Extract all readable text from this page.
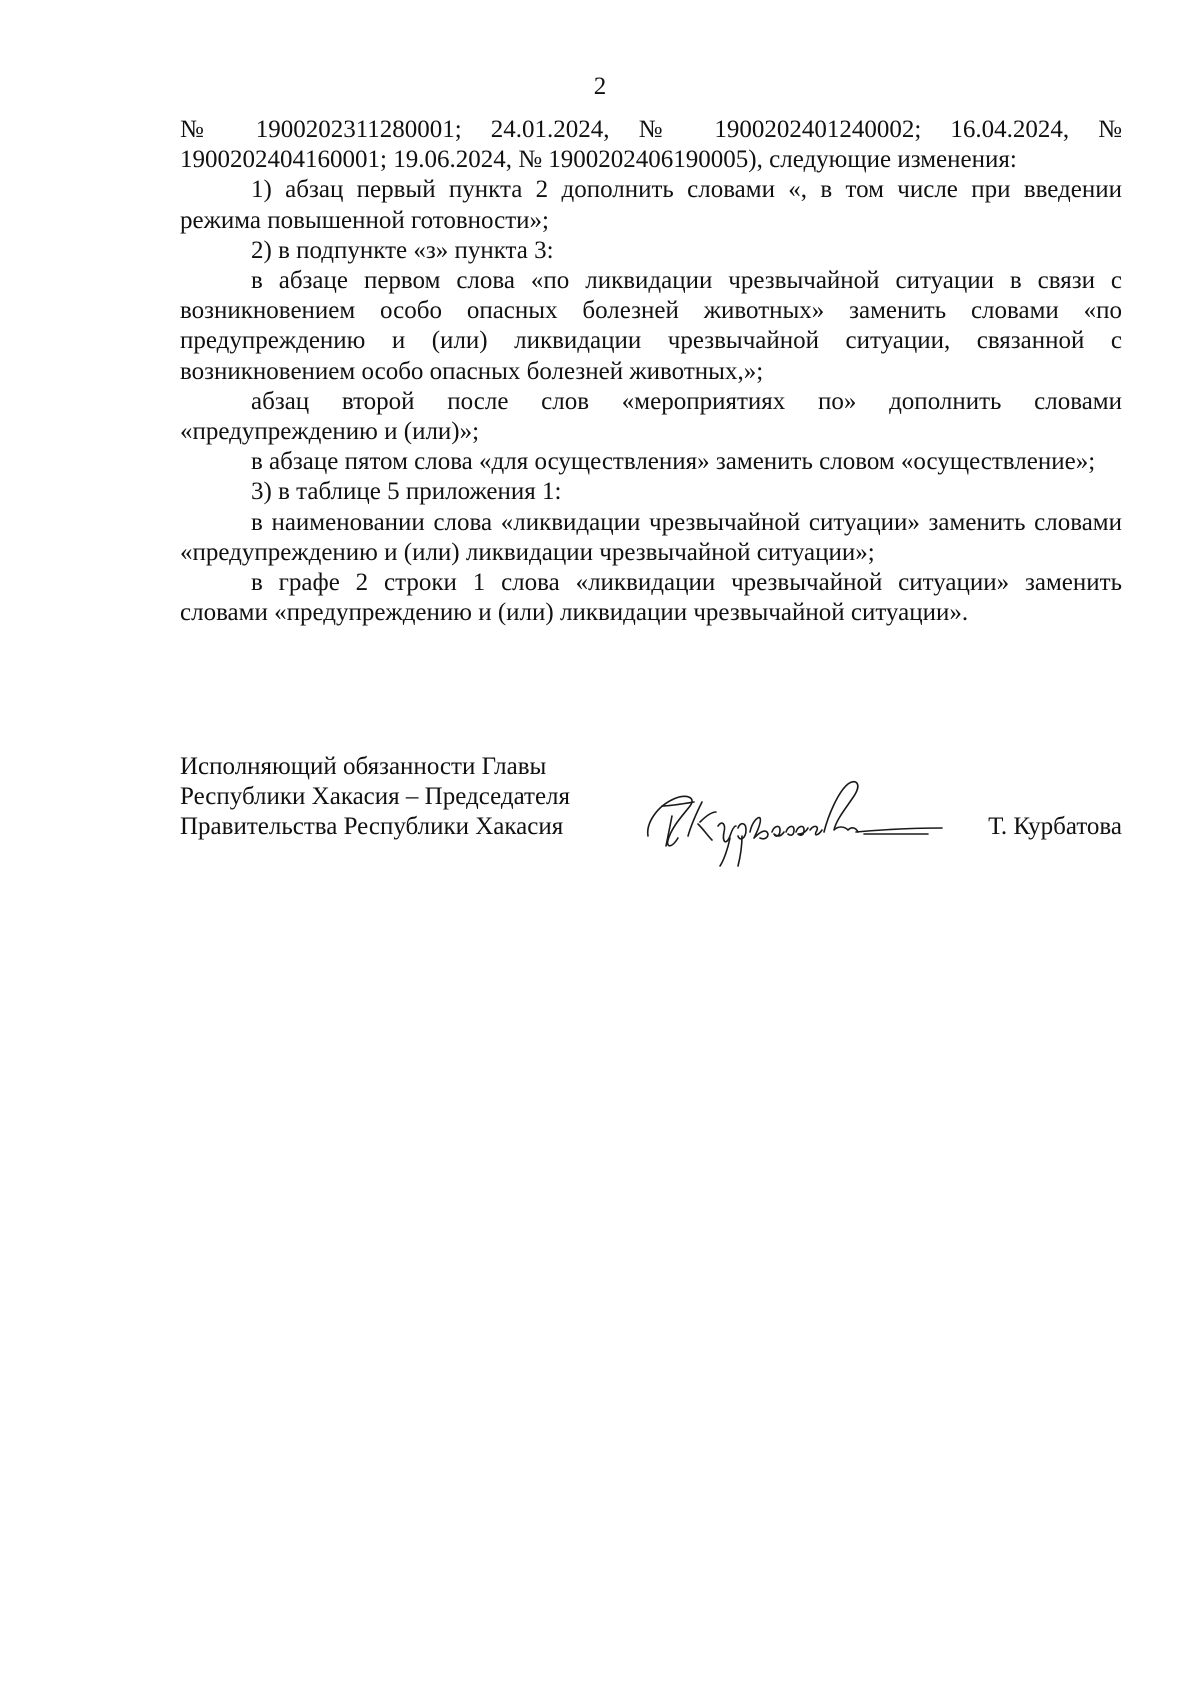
2

№ 1900202311280001; 24.01.2024, № 1900202401240002; 16.04.2024, № 1900202404160001; 19.06.2024, № 1900202406190005), следующие изменения:

1) абзац первый пункта 2 дополнить словами «, в том числе при введении режима повышенной готовности»;

2) в подпункте «з» пункта 3:

в абзаце первом слова «по ликвидации чрезвычайной ситуации в связи с возникновением особо опасных болезней животных» заменить словами «по предупреждению и (или) ликвидации чрезвычайной ситуации, связанной с возникновением особо опасных болезней животных,»;

абзац второй после слов «мероприятиях по» дополнить словами «предупреждению и (или)»;

в абзаце пятом слова «для осуществления» заменить словом «осуществление»;

3) в таблице 5 приложения 1:

в наименовании слова «ликвидации чрезвычайной ситуации» заменить словами «предупреждению и (или) ликвидации чрезвычайной ситуации»;

в графе 2 строки 1 слова «ликвидации чрезвычайной ситуации» заменить словами «предупреждению и (или) ликвидации чрезвычайной ситуации».

Исполняющий обязанности Главы
Республики Хакасия – Председателя
Правительства Республики Хакасия	Т. Курбатова
